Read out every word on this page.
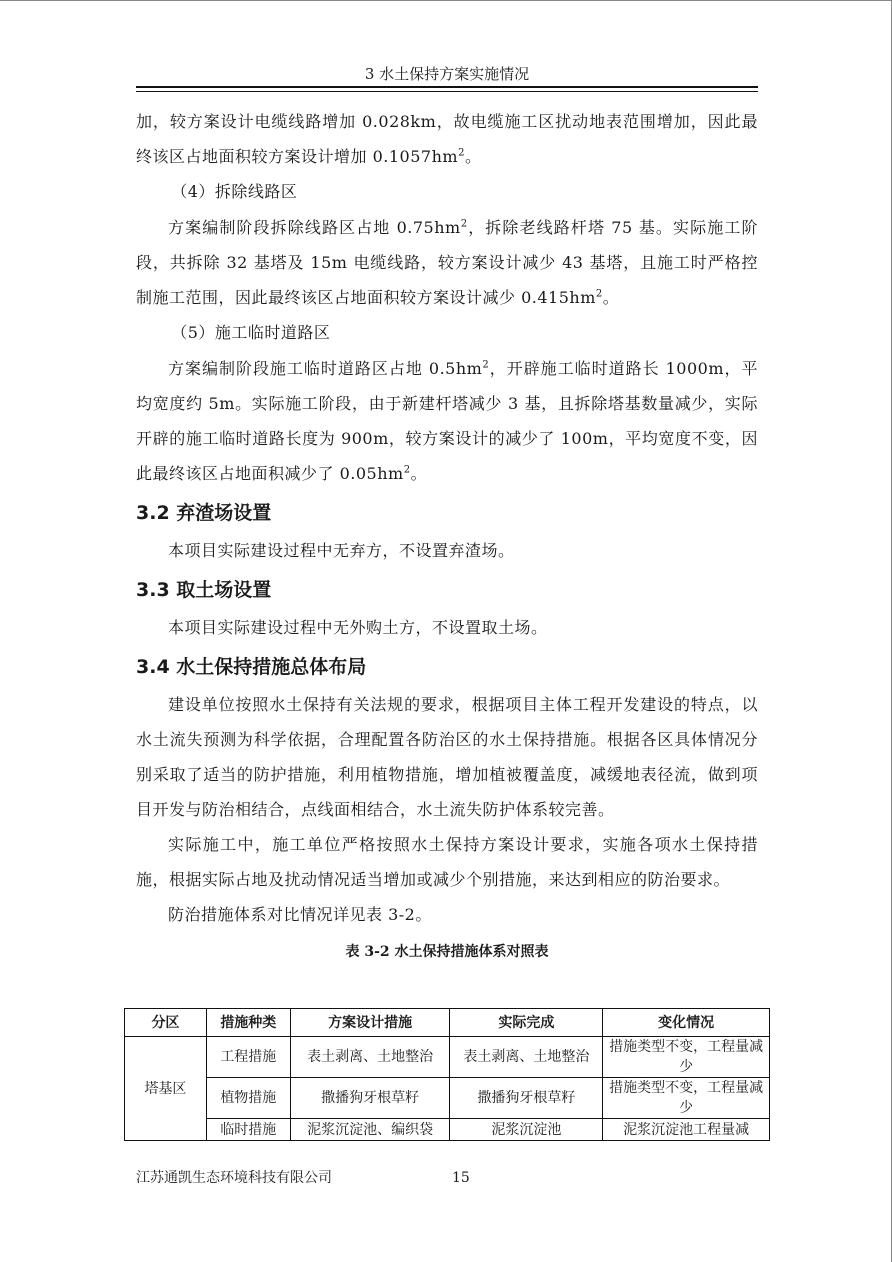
3 水土保持方案实施情况

加，较方案设计电缆线路增加 0.028km，故电缆施工区扰动地表范围增加，因此最终该区占地面积较方案设计增加 $0.1057hm^2$。

（4）拆除线路区

方案编制阶段拆除线路区占地 $0.75hm^2$，拆除老线路杆塔 75 基。实际施工阶段，共拆除 32 基塔及 15m 电缆线路，较方案设计减少 43 基塔，且施工时严格控制施工范围，因此最终该区占地面积较方案设计减少 $0.415hm^2$。

（5）施工临时道路区

方案编制阶段施工临时道路区占地 $0.5hm^2$，开辟施工临时道路长 1000m，平均宽度约 5m。实际施工阶段，由于新建杆塔减少 3 基，且拆除塔基数量减少，实际开辟的施工临时道路长度为 900m，较方案设计的减少了 100m，平均宽度不变，因此最终该区占地面积减少了 $0.05hm^2$。

3.2 弃渣场设置

本项目实际建设过程中无弃方，不设置弃渣场。

3.3 取土场设置

本项目实际建设过程中无外购土方，不设置取土场。

3.4 水土保持措施总体布局

建设单位按照水土保持有关法规的要求，根据项目主体工程开发建设的特点，以水土流失预测为科学依据，合理配置各防治区的水土保持措施。根据各区具体情况分别采取了适当的防护措施，利用植物措施，增加植被覆盖度，减缓地表径流，做到项目开发与防治相结合，点线面相结合，水土流失防护体系较完善。

实际施工中，施工单位严格按照水土保持方案设计要求，实施各项水土保持措施，根据实际占地及扰动情况适当增加或减少个别措施，来达到相应的防治要求。

防治措施体系对比情况详见表 3-2。

表 3-2 水土保持措施体系对照表
分区	措施种类	方案设计措施	实际完成	变化情况
塔基区	工程措施	表土剥离、土地整治	表土剥离、土地整治	措施类型不变，工程量减少
	植物措施	撒播狗牙根草籽	撒播狗牙根草籽	措施类型不变，工程量减少
	临时措施	泥浆沉淀池、编织袋	泥浆沉淀池	泥浆沉淀池工程量减
江苏通凯生态环境科技有限公司	15
